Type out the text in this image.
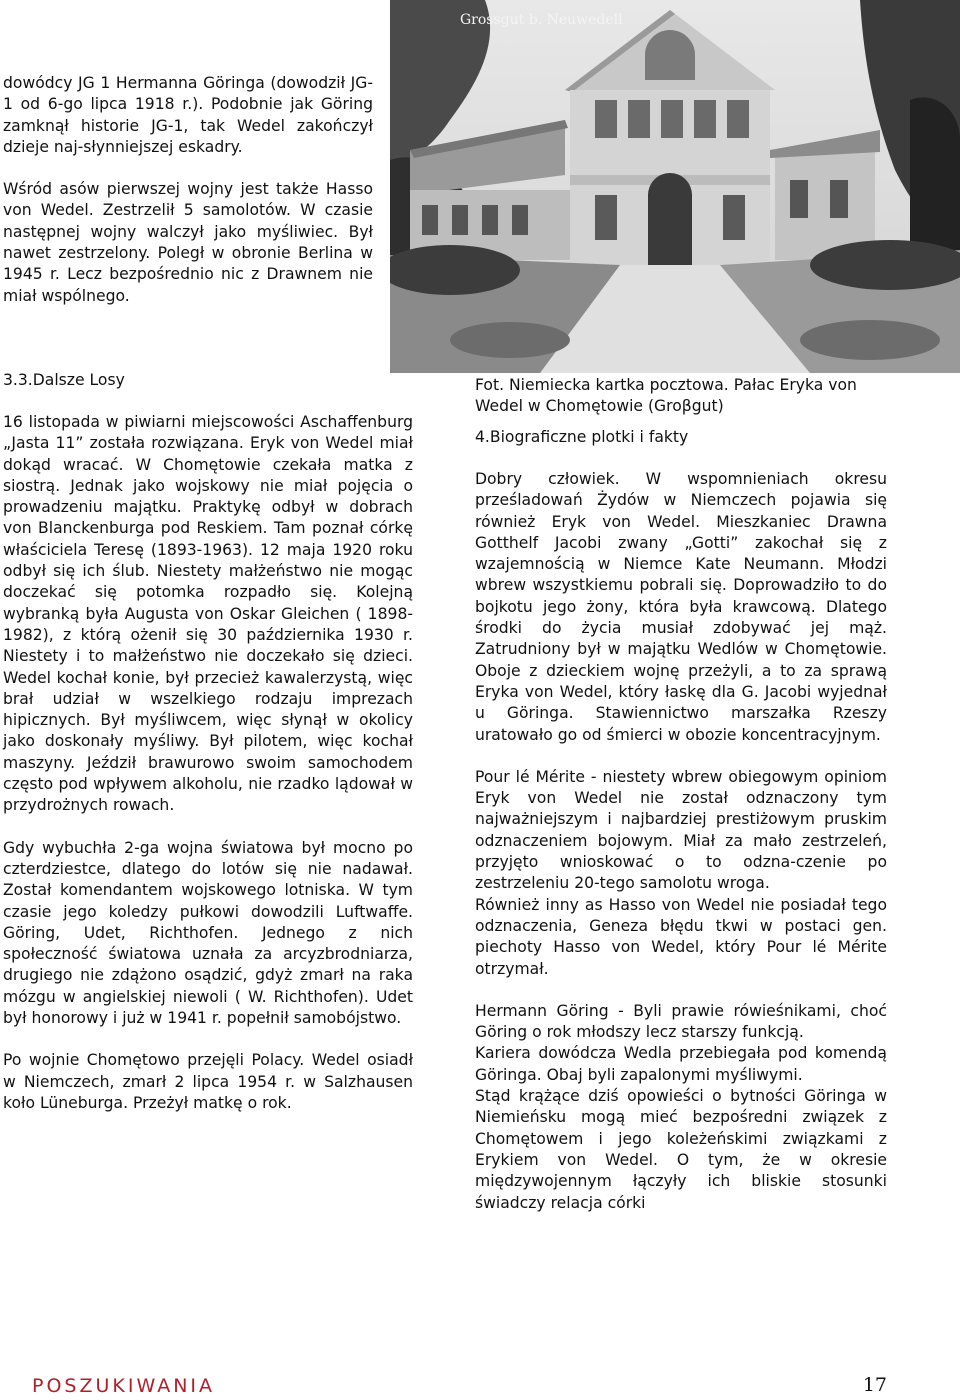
dowódcy JG 1 Hermanna Göringa (dowodził JG- 1 od 6-go lipca 1918 r.). Podobnie jak Göring zamknął historie JG-1, tak Wedel zakończył dzieje naj-słynniejszej eskadry.

Wśród asów pierwszej wojny jest także Hasso von Wedel. Zestrzelił 5 samolotów. W czasie następnej wojny walczył jako myśliwiec. Był nawet zestrzelony. Poległ w obronie Berlina w 1945 r. Lecz bezpośrednio nic z Drawnem nie miał wspólnego.

Grossgut b. Neuwedell

3.3.Dalsze Losy

16 listopada w piwiarni miejscowości Aschaffenburg „Jasta 11” została rozwiązana. Eryk von Wedel miał dokąd wracać. W Chomętowie czekała matka z siostrą. Jednak jako wojskowy nie miał pojęcia o prowadzeniu majątku. Praktykę odbył w dobrach von Blanckenburga pod Reskiem. Tam poznał córkę właściciela Teresę (1893-1963). 12 maja 1920 roku odbył się ich ślub. Niestety małżeństwo nie mogąc doczekać się potomka rozpadło się. Kolejną wybranką była Augusta von Oskar Gleichen ( 1898-1982), z którą ożenił się 30 października 1930 r. Niestety i to małżeństwo nie doczekało się dzieci. Wedel kochał konie, był przecież kawalerzystą, więc brał udział w wszelkiego rodzaju imprezach hipicznych. Był myśliwcem, więc słynął w okolicy jako doskonały myśliwy. Był pilotem, więc kochał maszyny. Jeździł brawurowo swoim samochodem często pod wpływem alkoholu, nie rzadko lądował w przydrożnych rowach.

Gdy wybuchła 2-ga wojna światowa był mocno po czterdziestce, dlatego do lotów się nie nadawał. Został komendantem wojskowego lotniska. W tym czasie jego koledzy pułkowi dowodzili Luftwaffe. Göring, Udet, Richthofen. Jednego z nich społeczność światowa uznała za arcyzbrodniarza, drugiego nie zdążono osądzić, gdyż zmarł na raka mózgu w angielskiej niewoli ( W. Richthofen). Udet był honorowy i już w 1941 r. popełnił samobójstwo.

Po wojnie Chomętowo przejęli Polacy. Wedel osiadł w Niemczech, zmarł 2 lipca 1954 r. w Salzhausen koło Lüneburga. Przeżył matkę o rok.

Fot. Niemiecka kartka pocztowa. Pałac Eryka von Wedel w Chomętowie (Groβgut)

4.Biograficzne plotki i fakty

Dobry człowiek. W wspomnieniach okresu prześladowań Żydów w Niemczech pojawia się również Eryk von Wedel. Mieszkaniec Drawna Gotthelf Jacobi zwany „Gotti” zakochał się z wzajemnością w Niemce Kate Neumann. Młodzi wbrew wszystkiemu pobrali się. Doprowadziło to do bojkotu jego żony, która była krawcową. Dlatego środki do życia musiał zdobywać jej mąż. Zatrudniony był w majątku Wedlów w Chomętowie. Oboje z dzieckiem wojnę przeżyli, a to za sprawą Eryka von Wedel, który łaskę dla G. Jacobi wyjednał u Göringa. Stawiennictwo marszałka Rzeszy uratowało go od śmierci w obozie koncentracyjnym.

Pour lé Mérite - niestety wbrew obiegowym opiniom Eryk von Wedel nie został odznaczony tym najważniejszym i najbardziej prestiżowym pruskim odznaczeniem bojowym. Miał za mało zestrzeleń, przyjęto wnioskować o to odzna-czenie po zestrzeleniu 20-tego samolotu wroga.

Również inny as Hasso von Wedel nie posiadał tego odznaczenia, Geneza błędu tkwi w postaci gen. piechoty Hasso von Wedel, który Pour lé Mérite otrzymał.

Hermann Göring - Byli prawie rówieśnikami, choć Göring o rok młodszy lecz starszy funkcją.

Kariera dowódcza Wedla przebiegała pod komendą Göringa. Obaj byli zapalonymi myśliwymi.

Stąd krążące dziś opowieści o bytności Göringa w Niemieńsku mogą mieć bezpośredni związek z Chomętowem i jego koleżeńskimi związkami z Erykiem von Wedel. O tym, że w okresie międzywojennym łączyły ich bliskie stosunki świadczy relacja córki

POSZUKIWANIA	17
